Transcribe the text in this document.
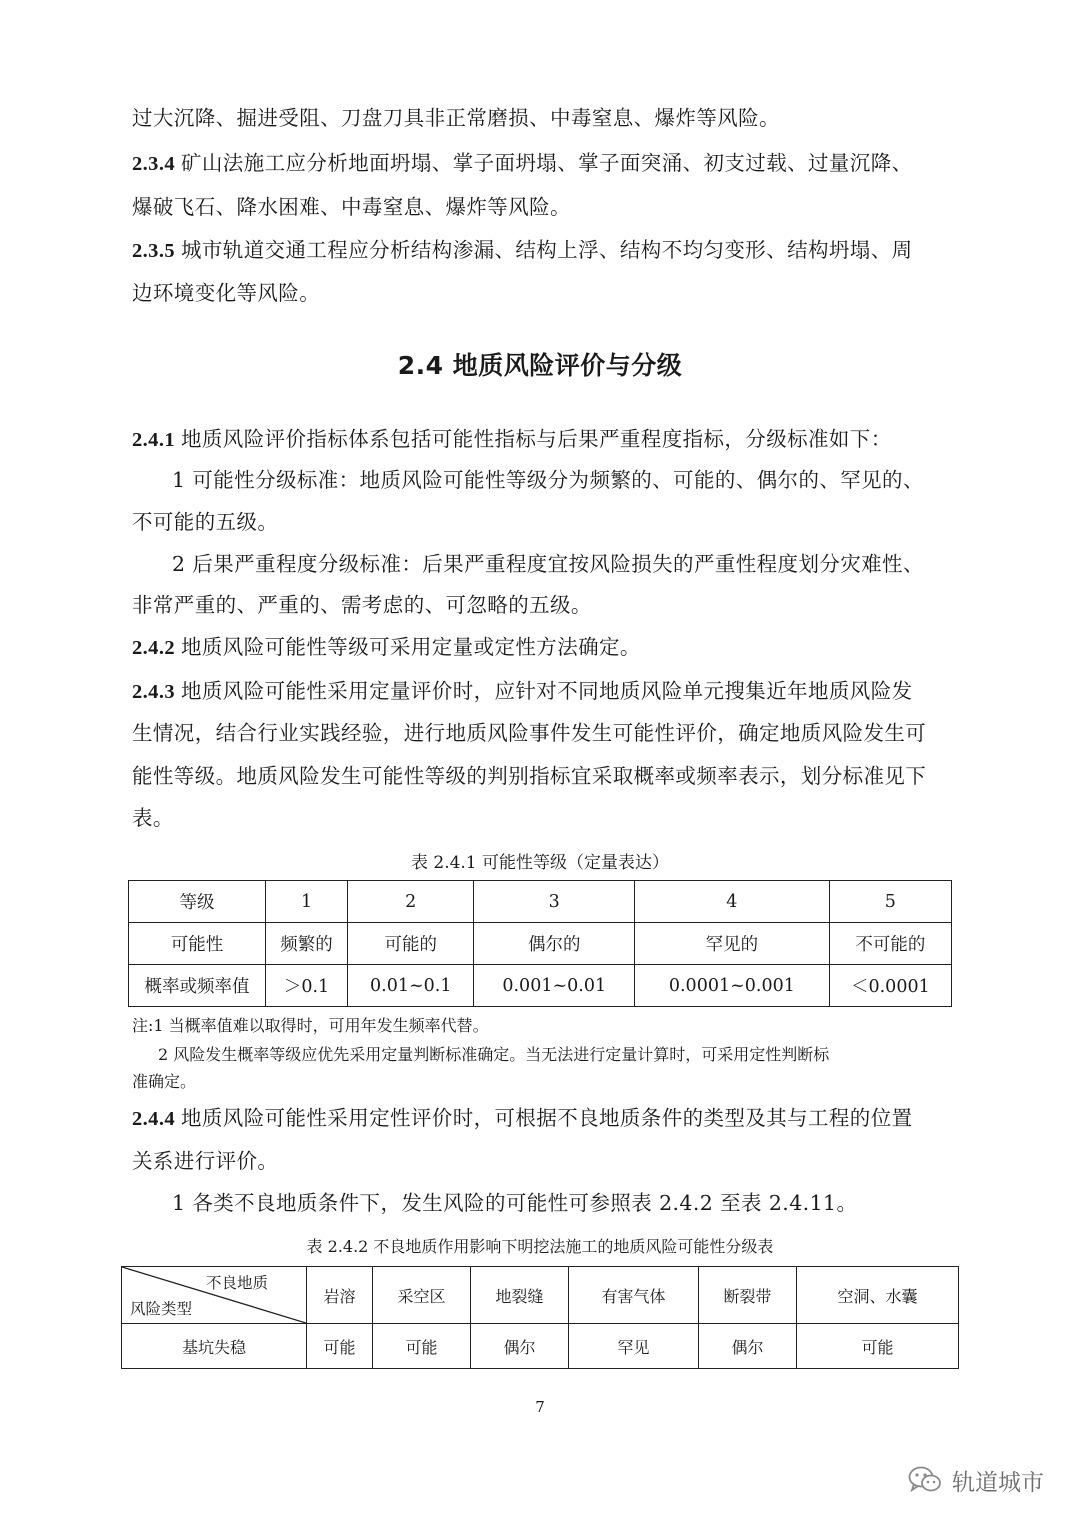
过大沉降、掘进受阻、刀盘刀具非正常磨损、中毒窒息、爆炸等风险。
2.3.4 矿山法施工应分析地面坍塌、掌子面坍塌、掌子面突涌、初支过载、过量沉降、
爆破飞石、降水困难、中毒窒息、爆炸等风险。
2.3.5 城市轨道交通工程应分析结构渗漏、结构上浮、结构不均匀变形、结构坍塌、周
边环境变化等风险。
2.4 地质风险评价与分级
2.4.1 地质风险评价指标体系包括可能性指标与后果严重程度指标，分级标准如下：
1 可能性分级标准：地质风险可能性等级分为频繁的、可能的、偶尔的、罕见的、
不可能的五级。
2 后果严重程度分级标准：后果严重程度宜按风险损失的严重性程度划分灾难性、
非常严重的、严重的、需考虑的、可忽略的五级。
2.4.2 地质风险可能性等级可采用定量或定性方法确定。
2.4.3 地质风险可能性采用定量评价时，应针对不同地质风险单元搜集近年地质风险发
生情况，结合行业实践经验，进行地质风险事件发生可能性评价，确定地质风险发生可
能性等级。地质风险发生可能性等级的判别指标宜采取概率或频率表示，划分标准见下
表。
表 2.4.1 可能性等级（定量表达）
等级	1	2	3	4	5
可能性	频繁的	可能的	偶尔的	罕见的	不可能的
概率或频率值	＞0.1	0.01~0.1	0.001~0.01	0.0001~0.001	＜0.0001
注:1 当概率值难以取得时，可用年发生频率代替。
2 风险发生概率等级应优先采用定量判断标准确定。当无法进行定量计算时，可采用定性判断标
准确定。
2.4.4 地质风险可能性采用定性评价时，可根据不良地质条件的类型及其与工程的位置
关系进行评价。
1 各类不良地质条件下，发生风险的可能性可参照表 2.4.2 至表 2.4.11。
表 2.4.2 不良地质作用影响下明挖法施工的地质风险可能性分级表
不良地质
风险类型	岩溶	采空区	地裂缝	有害气体	断裂带	空洞、水囊
基坑失稳	可能	可能	偶尔	罕见	偶尔	可能
7
轨道城市
